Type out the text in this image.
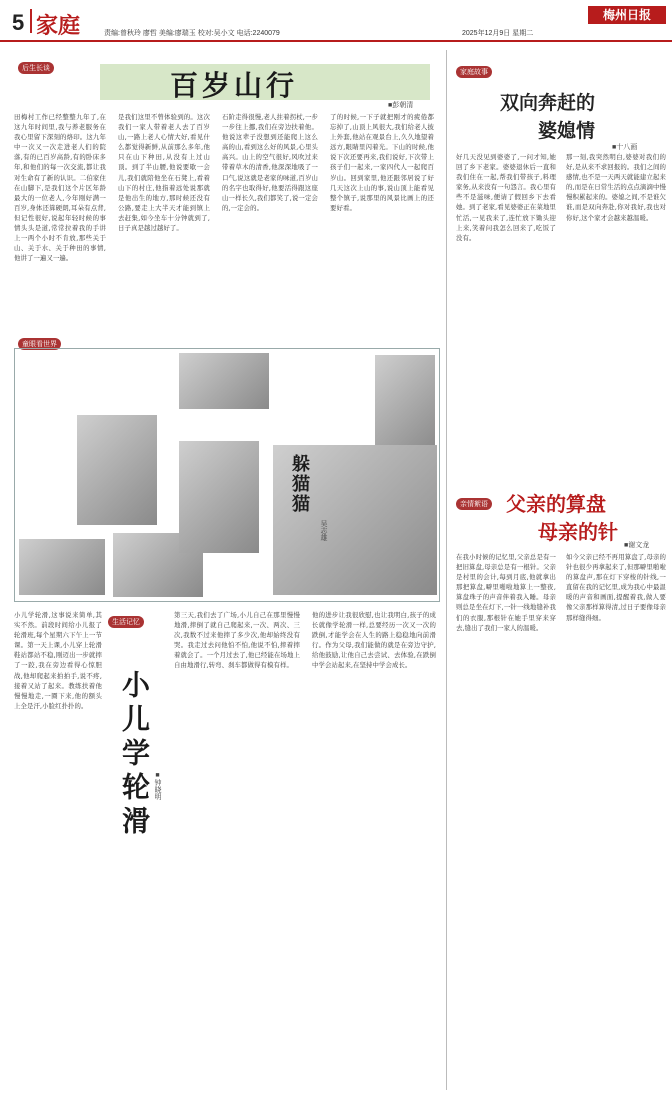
5 家庭	责编:曾秋玲 廖哲 美编:廖瑞玉 校对:吴小文 电话:2240079
梅州日报
2025年12月9日 星期二
后生长谈
百岁山行
■彭朝清
田梅村工作已经整整九年了,在这九年时间里,我与养老服务在我心里留下深刻的烙印。这九年中一次又一次走进老人们的院落,有的已百岁高龄,有的卧床多年,和他们的每一次交流,都让我对生命有了新的认识。二伯家住在山脚下,是我们这个片区年龄最大的一位老人,今年刚好满一百岁,身体还算硬朗,耳朵有点背,但记性很好,说起年轻时候的事情头头是道,常常拉着我的手讲上一两个小时不肯放,那些关于山、关于水、关于种田的事情,他讲了一遍又一遍。
是我们这里不曾体验到的。这次我们一家人带着老人去了百岁山,一路上老人心情大好,看见什么都觉得新鲜,从前那么多年,他只在山下种田,从没有上过山顶。到了半山腰,他说要歇一会儿,我们就陪他坐在石凳上,看着山下的村庄,他指着远处说那就是他出生的地方,那时候还没有公路,要走上大半天才能到镇上去赶集,如今坐车十分钟就到了,日子真是越过越好了。
石阶走得很慢,老人拄着拐杖,一步一步往上挪,我们在旁边扶着他。他说这辈子没想到还能爬上这么高的山,看到这么好的风景,心里头高兴。山上的空气很好,风吹过来带着草木的清香,他深深地吸了一口气,说这就是老家的味道,百岁山的名字也取得好,他要活得跟这座山一样长久,我们都笑了,说一定会的,一定会的。
了的时候,一下子就把刚才的疲倦都忘掉了,山顶上风很大,我们给老人披上外套,他站在观景台上,久久地望着远方,眼睛里闪着光。下山的时候,他说下次还要再来,我们说好,下次带上孩子们一起来,一家四代人一起爬百岁山。回到家里,他还跟邻居说了好几天这次上山的事,说山顶上能看见整个镇子,说那里的风景比画上的还要好看。
童眼看世界
躲猫猫
吴志雄
生活记忆
小儿学轮滑 ■钟晓明
小儿学轮滑,这事说来简单,其实不然。前段时间给小儿报了轮滑班,每个星期六下午上一节课。第一天上课,小儿穿上轮滑鞋站都站不稳,刚迈出一步就摔了一跤,我在旁边看得心惊胆战,他却爬起来拍拍手,说不疼,接着又站了起来。教练扶着他慢慢地走,一圈下来,他的额头上全是汗,小脸红扑扑的。
第三天,我们去了广场,小儿自己在那里慢慢地滑,摔倒了就自己爬起来,一次、两次、三次,我数不过来他摔了多少次,他却始终没有哭。我走过去问他怕不怕,他说不怕,摔着摔着就会了。一个月过去了,他已经能在场地上自由地滑行,转弯、刹车都做得有模有样。
他的进步让我很欣慰,也让我明白,孩子的成长就像学轮滑一样,总要经历一次又一次的跌倒,才能学会在人生的路上稳稳地向前滑行。作为父母,我们能做的就是在旁边守护,给他鼓励,让他自己去尝试、去体验,在跌倒中学会站起来,在坚持中学会成长。
家庭故事
双向奔赶的
婆媳情
■十八画
好几天没见到婆婆了,一问才知,她回了乡下老家。婆婆退休后一直和我们住在一起,帮我们带孩子,料理家务,从来没有一句怨言。我心里有些不是滋味,便请了假回乡下去看她。到了老家,看见婆婆正在菜地里忙活,一见我来了,连忙放下锄头迎上来,笑着问我怎么回来了,吃饭了没有。
那一刻,我突然明白,婆婆对我们的好,是从来不求回报的。我们之间的感情,也不是一天两天就能建立起来的,而是在日常生活的点点滴滴中慢慢积累起来的。婆媳之间,不是谁欠谁,而是双向奔赴,你对我好,我也对你好,这个家才会越来越温暖。
亲情絮语 父亲的算盘
母亲的针
■谢文龙
在我小时候的记忆里,父亲总是有一把旧算盘,母亲总是有一根针。父亲是村里的会计,每到月底,他就拿出那把算盘,噼里啪啦地算上一整夜,算盘珠子的声音伴着我入睡。母亲则总是坐在灯下,一针一线地缝补我们的衣服,那根针在她手里穿来穿去,缝出了我们一家人的温暖。
如今父亲已经不再用算盘了,母亲的针也很少再拿起来了,但那噼里啪啦的算盘声,那在灯下穿梭的针线,一直留在我的记忆里,成为我心中最温暖的声音和画面,提醒着我,做人要像父亲那样算得清,过日子要像母亲那样缝得细。
